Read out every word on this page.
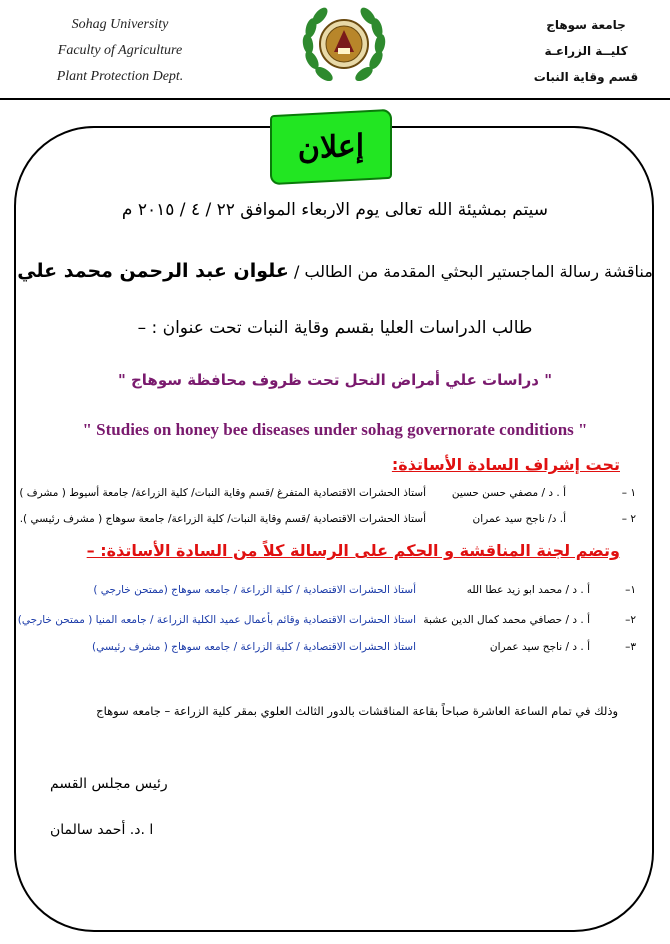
Sohag University
Faculty of Agriculture
Plant Protection Dept.
جامعة سوهاج
كليــة الزراعـة
قسم وقاية النبات
إعلان
سيتم بمشيئة الله تعالى يوم الاربعاء الموافق ٢٢ / ٤ / ٢٠١٥ م
مناقشة رسالة الماجستير البحثي المقدمة من الطالب / علوان عبد الرحمن محمد علي
طالب الدراسات العليا بقسم وقاية النبات تحت عنوان : –
" دراسات علي أمراض النحل تحت ظروف محافظة سوهاج "
" Studies on honey bee diseases under sohag governorate conditions "
تحت إشراف السادة الأساتذة:
١ –
أ . د / مصفي حسن حسين
أستاذ الحشرات الاقتصادية المتفرغ /قسم وقاية النبات/ كلية الزراعة/ جامعة أسيوط ( مشرف )
٢ –
أ. د/ ناجح سيد عمران
أستاذ الحشرات الاقتصادية /قسم وقاية النبات/ كلية الزراعة/ جامعة سوهاج ( مشرف رئيسي ).
وتضم لجنة المناقشة و الحكم على الرسالة كلاً من السادة الأساتذة: –
١–
أ . د / محمد ابو زيد عطا الله
أستاذ الحشرات الاقتصادية / كلية الزراعة / جامعه سوهاج (ممتحن خارجي )
٢–
أ . د / حصافي محمد كمال الدين عشبة
استاذ الحشرات الاقتصادية وقائم بأعمال عميد الكلية الزراعة / جامعه المنيا ( ممتحن خارجي)
٣–
أ . د / ناجح سيد عمران
استاذ الحشرات الاقتصادية / كلية الزراعة / جامعه سوهاج ( مشرف رئيسي)
وذلك في تمام الساعة العاشرة صباحاً بقاعة المناقشات بالدور الثالث العلوي بمقر كلية الزراعة – جامعه سوهاج
رئيس مجلس القسم
ا .د. أحمد سالمان
